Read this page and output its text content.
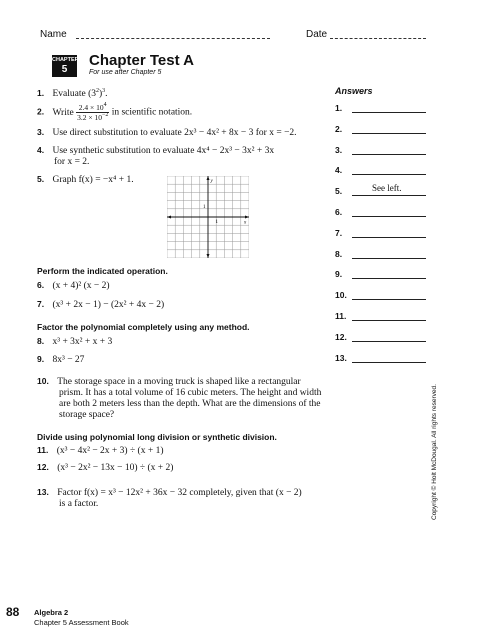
Name	Date
CHAPTER
5
Chapter Test A
For use after Chapter 5
Answers
1.
2.
3.
4.
5.	See left.
6.
7.
8.
9.
10.
11.
12.
13.
1. Evaluate $(3^2)^3$.
2. Write $\frac{2.4 \times 10^4}{3.2 \times 10^{-2}}$ in scientific notation.
3. Use direct substitution to evaluate 2x³ − 4x² + 8x − 3 for x = −2.
4. Use synthetic substitution to evaluate 4x⁴ − 2x³ − 3x² + 3x
for x = 2.
5. Graph f(x) = −x⁴ + 1.	y
x
1
1
Perform the indicated operation.
6. (x + 4)² (x − 2)
7. (x³ + 2x − 1) − (2x² + 4x − 2)
Factor the polynomial completely using any method.
8. x³ + 3x² + x + 3
9. 8x³ − 27
10. The storage space in a moving truck is shaped like a rectangular
prism. It has a total volume of 16 cubic meters. The height and width
are both 2 meters less than the depth. What are the dimensions of the
storage space?
Divide using polynomial long division or synthetic division.
11. (x³ − 4x² − 2x + 3) ÷ (x + 1)
12. (x³ − 2x² − 13x − 10) ÷ (x + 2)
13. Factor f(x) = x³ − 12x² + 36x − 32 completely, given that (x − 2)
is a factor.	Copyright © Holt McDougal. All rights reserved.
88 Algebra 2
Chapter 5 Assessment Book
